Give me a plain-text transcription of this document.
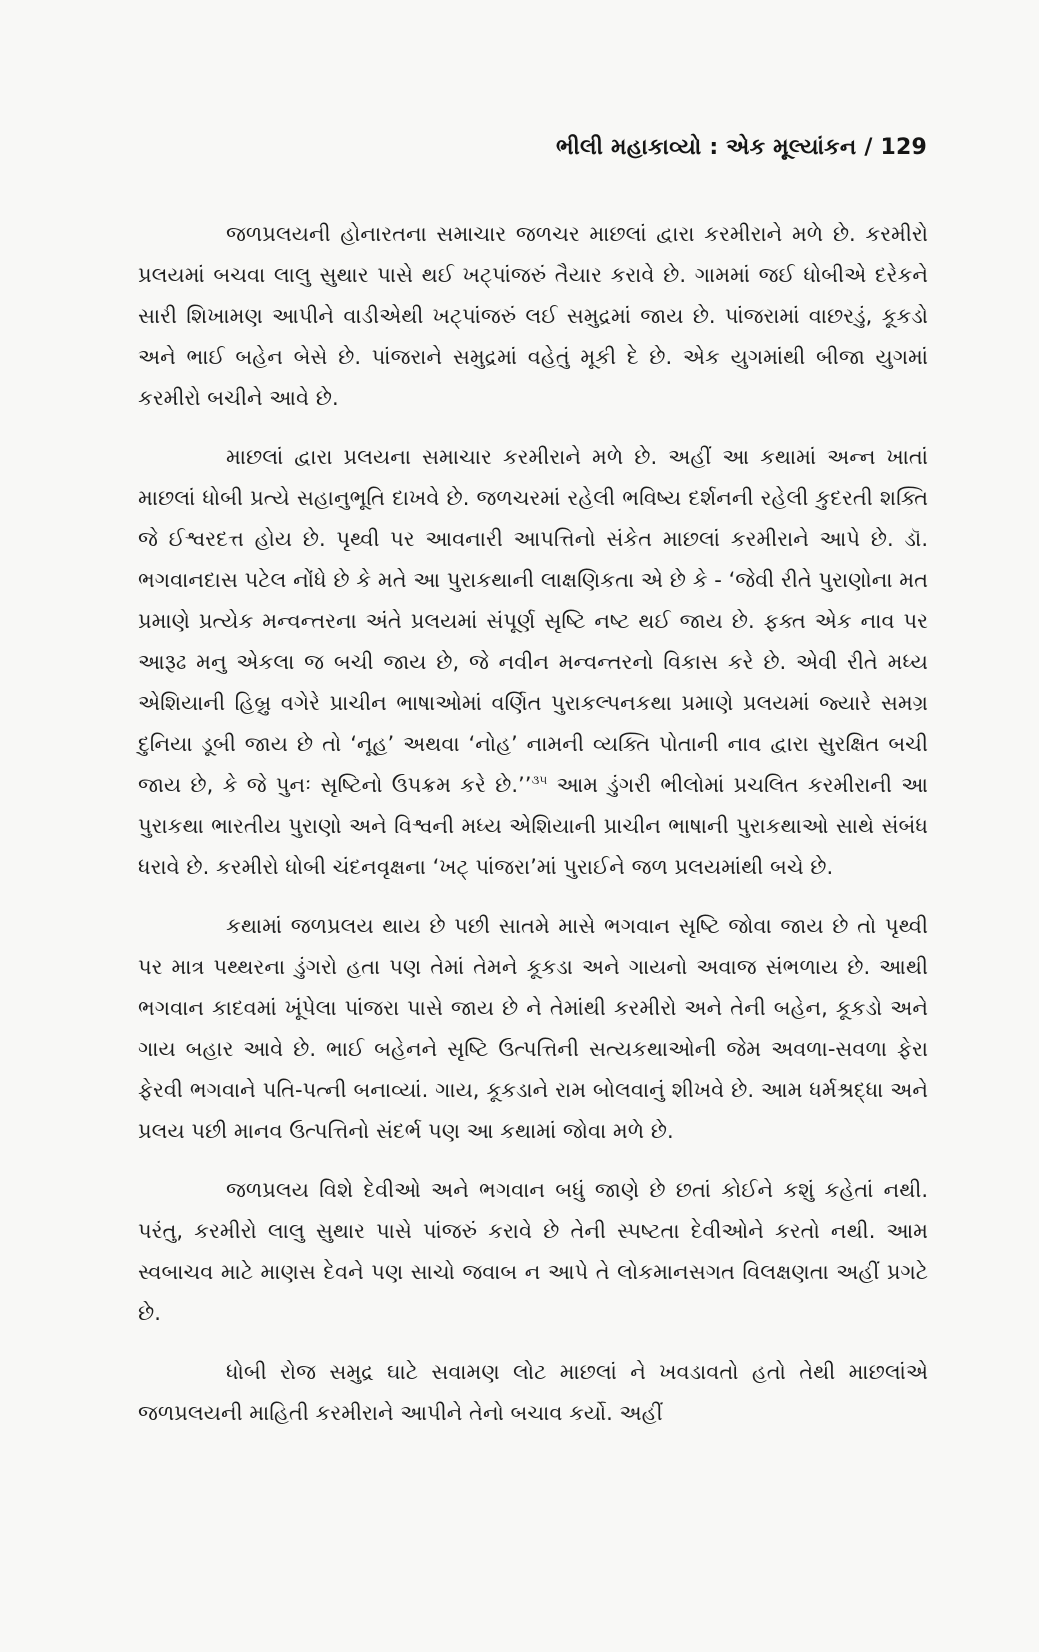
ભીલી મહાકાવ્યો : એક મૂલ્યાંકન / 129

જળપ્રલયની હોનારતના સમાચાર જળચર માછલાં દ્વારા કરમીરાને મળે છે. કરમીરો પ્રલયમાં બચવા લાલુ સુથાર પાસે થઈ ખટ્પાંજરું તૈયાર કરાવે છે. ગામમાં જઈ ધોબીએ દરેકને સારી શિખામણ આપીને વાડીએથી ખટ્પાંજરું લઈ સમુદ્રમાં જાય છે. પાંજરામાં વાછરડું, કૂકડો અને ભાઈ બહેન બેસે છે. પાંજરાને સમુદ્રમાં વહેતું મૂકી દે છે. એક યુગમાંથી બીજા યુગમાં કરમીરો બચીને આવે છે.

માછલાં દ્વારા પ્રલયના સમાચાર કરમીરાને મળે છે. અહીં આ કથામાં અન્ન ખાતાં માછલાં ધોબી પ્રત્યે સહાનુભૂતિ દાખવે છે. જળચરમાં રહેલી ભવિષ્ય દર્શનની રહેલી કુદરતી શક્તિ જે ઈશ્વરદત્ત હોય છે. પૃથ્વી પર આવનારી આપત્તિનો સંકેત માછલાં કરમીરાને આપે છે. ડૉ. ભગવાનદાસ પટેલ નોંધે છે કે મતે આ પુરાકથાની લાક્ષણિકતા એ છે કે - ‘જેવી રીતે પુરાણોના મત પ્રમાણે પ્રત્યેક મન્વન્તરના અંતે પ્રલયમાં સંપૂર્ણ સૃષ્ટિ નષ્ટ થઈ જાય છે. ફક્ત એક નાવ પર આરૂઢ મનુ એકલા જ બચી જાય છે, જે નવીન મન્વન્તરનો વિકાસ કરે છે. એવી રીતે મધ્ય એશિયાની હિબ્રુ વગેરે પ્રાચીન ભાષાઓમાં વર્ણિત પુરાકલ્પનકથા પ્રમાણે પ્રલયમાં જ્યારે સમગ્ર દુનિયા ડૂબી જાય છે તો ‘નૂહ’ અથવા ‘નોહ’ નામની વ્યક્તિ પોતાની નાવ દ્વારા સુરક્ષિત બચી જાય છે, કે જે પુનઃ સૃષ્ટિનો ઉપક્રમ કરે છે.’’$^{૩૫}$ આમ ડુંગરી ભીલોમાં પ્રચલિત કરમીરાની આ પુરાકથા ભારતીય પુરાણો અને વિશ્વની મધ્ય એશિયાની પ્રાચીન ભાષાની પુરાકથાઓ સાથે સંબંધ ધરાવે છે. કરમીરો ધોબી ચંદનવૃક્ષના ‘ખટ્ પાંજરા’માં પુરાઈને જળ પ્રલયમાંથી બચે છે.

કથામાં જળપ્રલય થાય છે પછી સાતમે માસે ભગવાન સૃષ્ટિ જોવા જાય છે તો પૃથ્વી પર માત્ર પથ્થરના ડુંગરો હતા પણ તેમાં તેમને કૂકડા અને ગાયનો અવાજ સંભળાય છે. આથી ભગવાન કાદવમાં ખૂંપેલા પાંજરા પાસે જાય છે ને તેમાંથી કરમીરો અને તેની બહેન, કૂકડો અને ગાય બહાર આવે છે. ભાઈ બહેનને સૃષ્ટિ ઉત્પત્તિની સત્યકથાઓની જેમ અવળા-સવળા ફેરા ફેરવી ભગવાને પતિ-પત્ની બનાવ્યાં. ગાય, કૂકડાને રામ બોલવાનું શીખવે છે. આમ ધર્મશ્રદ્ધા અને પ્રલય પછી માનવ ઉત્પત્તિનો સંદર્ભ પણ આ કથામાં જોવા મળે છે.

જળપ્રલય વિશે દેવીઓ અને ભગવાન બધું જાણે છે છતાં કોઈને કશું કહેતાં નથી. પરંતુ, કરમીરો લાલુ સુથાર પાસે પાંજરું કરાવે છે તેની સ્પષ્ટતા દેવીઓને કરતો નથી. આમ સ્વબાચવ માટે માણસ દેવને પણ સાચો જવાબ ન આપે તે લોકમાનસગત વિલક્ષણતા અહીં પ્રગટે છે.

ધોબી રોજ સમુદ્ર ઘાટે સવામણ લોટ માછલાં ને ખવડાવતો હતો તેથી માછલાંએ જળપ્રલયની માહિતી કરમીરાને આપીને તેનો બચાવ કર્યો. અહીં
